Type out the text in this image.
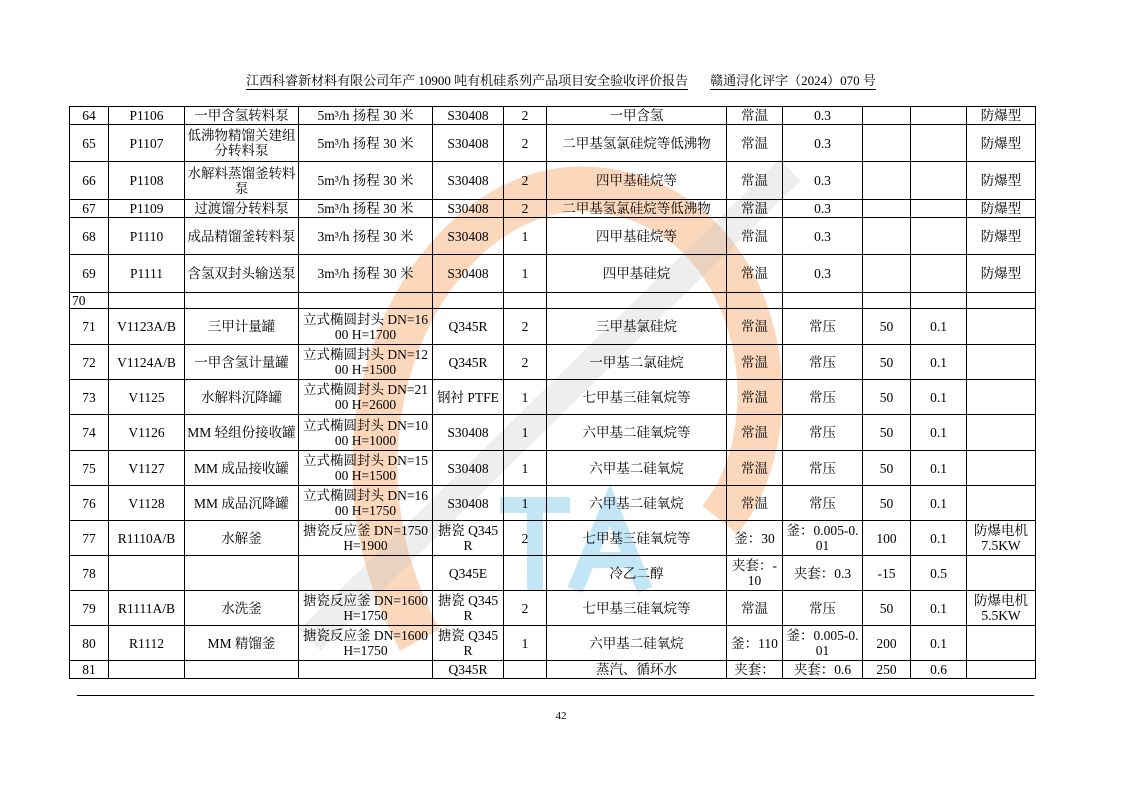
江西科睿新材料有限公司年产 10900 吨有机硅系列产品项目安全验收评价报告 赣通浔化评字（2024）070 号
64	P1106	一甲含氢转料泵	5m³/h 扬程 30 米	S30408	2	一甲含氢	常温	0.3			防爆型
65	P1107	低沸物精馏关建组分转料泵	5m³/h 扬程 30 米	S30408	2	二甲基氢氯硅烷等低沸物	常温	0.3			防爆型
66	P1108	水解料蒸馏釜转料泵	5m³/h 扬程 30 米	S30408	2	四甲基硅烷等	常温	0.3			防爆型
67	P1109	过渡馏分转料泵	5m³/h 扬程 30 米	S30408	2	二甲基氢氯硅烷等低沸物	常温	0.3			防爆型
68	P1110	成品精馏釜转料泵	3m³/h 扬程 30 米	S30408	1	四甲基硅烷等	常温	0.3			防爆型
69	P1111	含氢双封头输送泵	3m³/h 扬程 30 米	S30408	1	四甲基硅烷	常温	0.3			防爆型
70											
71	V1123A/B	三甲计量罐	立式椭圆封头 DN=1600 H=1700	Q345R	2	三甲基氯硅烷	常温	常压	50	0.1	
72	V1124A/B	一甲含氢计量罐	立式椭圆封头 DN=1200 H=1500	Q345R	2	一甲基二氯硅烷	常温	常压	50	0.1	
73	V1125	水解料沉降罐	立式椭圆封头 DN=2100 H=2600	钢衬 PTFE	1	七甲基三硅氧烷等	常温	常压	50	0.1	
74	V1126	MM 轻组份接收罐	立式椭圆封头 DN=1000 H=1000	S30408	1	六甲基二硅氧烷等	常温	常压	50	0.1	
75	V1127	MM 成品接收罐	立式椭圆封头 DN=1500 H=1500	S30408	1	六甲基二硅氧烷	常温	常压	50	0.1	
76	V1128	MM 成品沉降罐	立式椭圆封头 DN=1600 H=1750	S30408	1	六甲基二硅氧烷	常温	常压	50	0.1	
77	R1110A/B	水解釜	搪瓷反应釜 DN=1750 H=1900	搪瓷 Q345R	2	七甲基三硅氧烷等	釜：30	釜：0.005-0.01	100	0.1	防爆电机 7.5KW
78				Q345E		冷乙二醇	夹套：-10	夹套：0.3	-15	0.5	
79	R1111A/B	水洗釜	搪瓷反应釜 DN=1600 H=1750	搪瓷 Q345R	2	七甲基三硅氧烷等	常温	常压	50	0.1	防爆电机 5.5KW
80	R1112	MM 精馏釜	搪瓷反应釜 DN=1600 H=1750	搪瓷 Q345R	1	六甲基二硅氧烷	釜：110	釜：0.005-0.01	200	0.1	
81				Q345R		蒸汽、循环水	夹套：	夹套：0.6	250	0.6	
42
